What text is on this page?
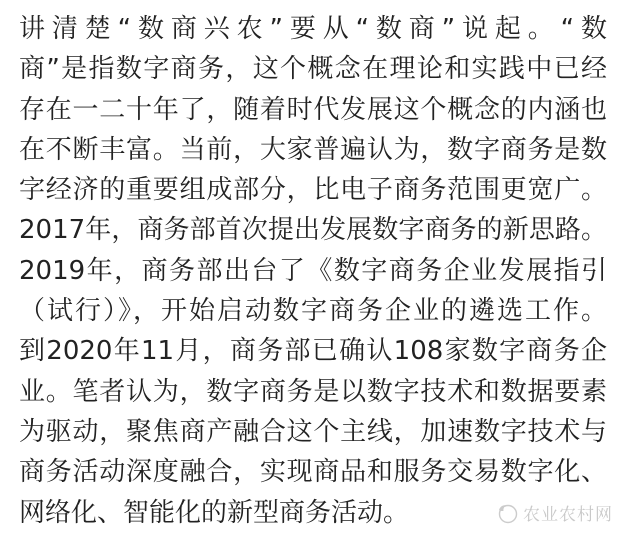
讲清楚“数商兴农”要从“数商”说起。“数
商”是指数字商务，这个概念在理论和实践中已经
存在一二十年了，随着时代发展这个概念的内涵也
在不断丰富。当前，大家普遍认为，数字商务是数
字经济的重要组成部分，比电子商务范围更宽广。
2017年，商务部首次提出发展数字商务的新思路。
2019年，商务部出台了《数字商务企业发展指引
（试行）》，开始启动数字商务企业的遴选工作。
到2020年11月，商务部已确认108家数字商务企
业。笔者认为，数字商务是以数字技术和数据要素
为驱动，聚焦商产融合这个主线，加速数字技术与
商务活动深度融合，实现商品和服务交易数字化、
网络化、智能化的新型商务活动。	农业农村网
